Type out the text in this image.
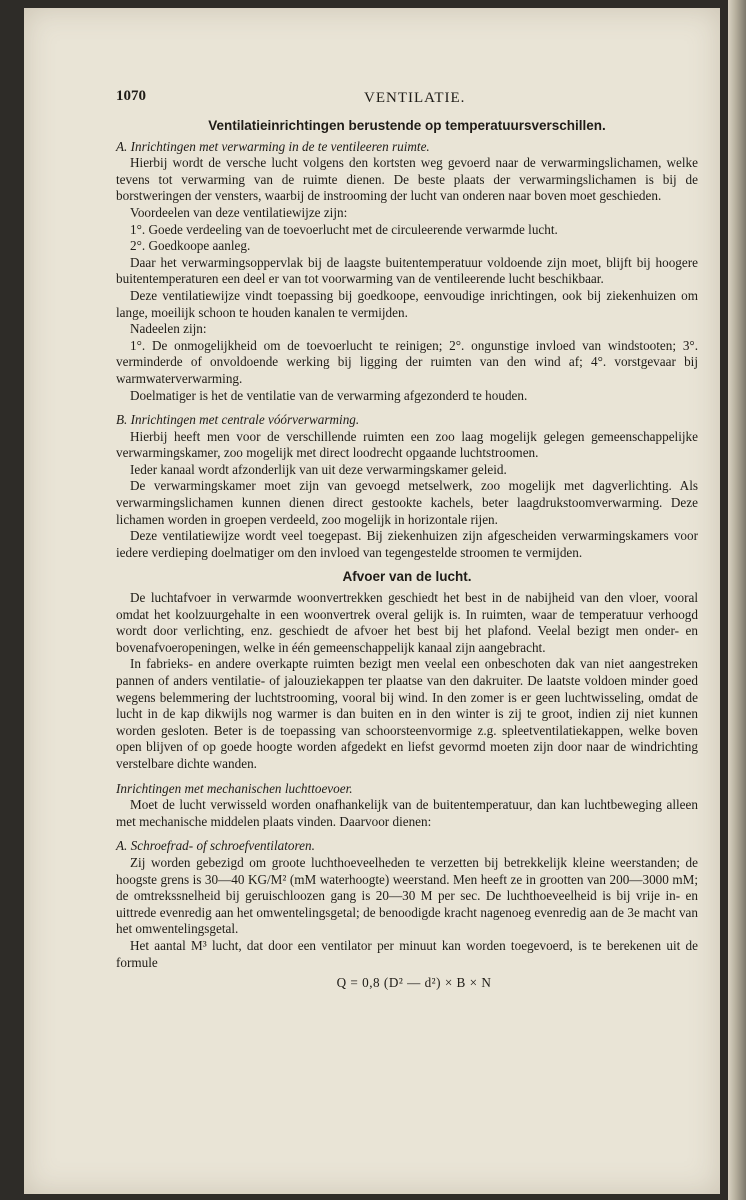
1070	VENTILATIE.
Ventilatieinrichtingen berustende op temperatuursverschillen.

A. Inrichtingen met verwarming in de te ventileeren ruimte.

Hierbij wordt de versche lucht volgens den kortsten weg gevoerd naar de verwarmingslichamen, welke tevens tot verwarming van de ruimte dienen. De beste plaats der verwarmingslichamen is bij de borstweringen der vensters, waarbij de instrooming der lucht van onderen naar boven moet geschieden.

Voordeelen van deze ventilatiewijze zijn:

1°. Goede verdeeling van de toevoerlucht met de circuleerende verwarmde lucht.
2°. Goedkoope aanleg.

Daar het verwarmingsoppervlak bij de laagste buitentemperatuur voldoende zijn moet, blijft bij hoogere buitentemperaturen een deel er van tot voorwarming van de ventileerende lucht beschikbaar.

Deze ventilatiewijze vindt toepassing bij goedkoope, eenvoudige inrichtingen, ook bij ziekenhuizen om lange, moeilijk schoon te houden kanalen te vermijden.

Nadeelen zijn:

1°. De onmogelijkheid om de toevoerlucht te reinigen; 2°. ongunstige invloed van windstooten; 3°. verminderde of onvoldoende werking bij ligging der ruimten van den wind af; 4°. vorstgevaar bij warmwaterverwarming.

Doelmatiger is het de ventilatie van de verwarming afgezonderd te houden.

B. Inrichtingen met centrale vóórverwarming.

Hierbij heeft men voor de verschillende ruimten een zoo laag mogelijk gelegen gemeenschappelijke verwarmingskamer, zoo mogelijk met direct loodrecht opgaande luchtstroomen.

Ieder kanaal wordt afzonderlijk van uit deze verwarmingskamer geleid.

De verwarmingskamer moet zijn van gevoegd metselwerk, zoo mogelijk met dagverlichting. Als verwarmingslichamen kunnen dienen direct gestookte kachels, beter laagdrukstoomverwarming. Deze lichamen worden in groepen verdeeld, zoo mogelijk in horizontale rijen.

Deze ventilatiewijze wordt veel toegepast. Bij ziekenhuizen zijn afgescheiden verwarmingskamers voor iedere verdieping doelmatiger om den invloed van tegengestelde stroomen te vermijden.

Afvoer van de lucht.

De luchtafvoer in verwarmde woonvertrekken geschiedt het best in de nabijheid van den vloer, vooral omdat het koolzuurgehalte in een woonvertrek overal gelijk is. In ruimten, waar de temperatuur verhoogd wordt door verlichting, enz. geschiedt de afvoer het best bij het plafond. Veelal bezigt men onder- en bovenafvoeropeningen, welke in één gemeenschappelijk kanaal zijn aangebracht.

In fabrieks- en andere overkapte ruimten bezigt men veelal een onbeschoten dak van niet aangestreken pannen of anders ventilatie- of jalouziekappen ter plaatse van den dakruiter. De laatste voldoen minder goed wegens belemmering der luchtstrooming, vooral bij wind. In den zomer is er geen luchtwisseling, omdat de lucht in de kap dikwijls nog warmer is dan buiten en in den winter is zij te groot, indien zij niet kunnen worden gesloten. Beter is de toepassing van schoorsteenvormige z.g. spleetventilatiekappen, welke boven open blijven of op goede hoogte worden afgedekt en liefst gevormd moeten zijn door naar de windrichting verstelbare dichte wanden.

Inrichtingen met mechanischen luchttoevoer.

Moet de lucht verwisseld worden onafhankelijk van de buitentemperatuur, dan kan luchtbeweging alleen met mechanische middelen plaats vinden. Daarvoor dienen:

A. Schroefrad- of schroefventilatoren.

Zij worden gebezigd om groote luchthoeveelheden te verzetten bij betrekkelijk kleine weerstanden; de hoogste grens is 30—40 KG/M² (mM waterhoogte) weerstand. Men heeft ze in grootten van 200—3000 mM; de omtrekssnelheid bij geruischloozen gang is 20—30 M per sec. De luchthoeveelheid is bij vrije in- en uittrede evenredig aan het omwentelingsgetal; de benoodigde kracht nagenoeg evenredig aan de 3e macht van het omwentelingsgetal.

Het aantal M³ lucht, dat door een ventilator per minuut kan worden toegevoerd, is te berekenen uit de formule

Q = 0,8 (D² — d²) × B × N
